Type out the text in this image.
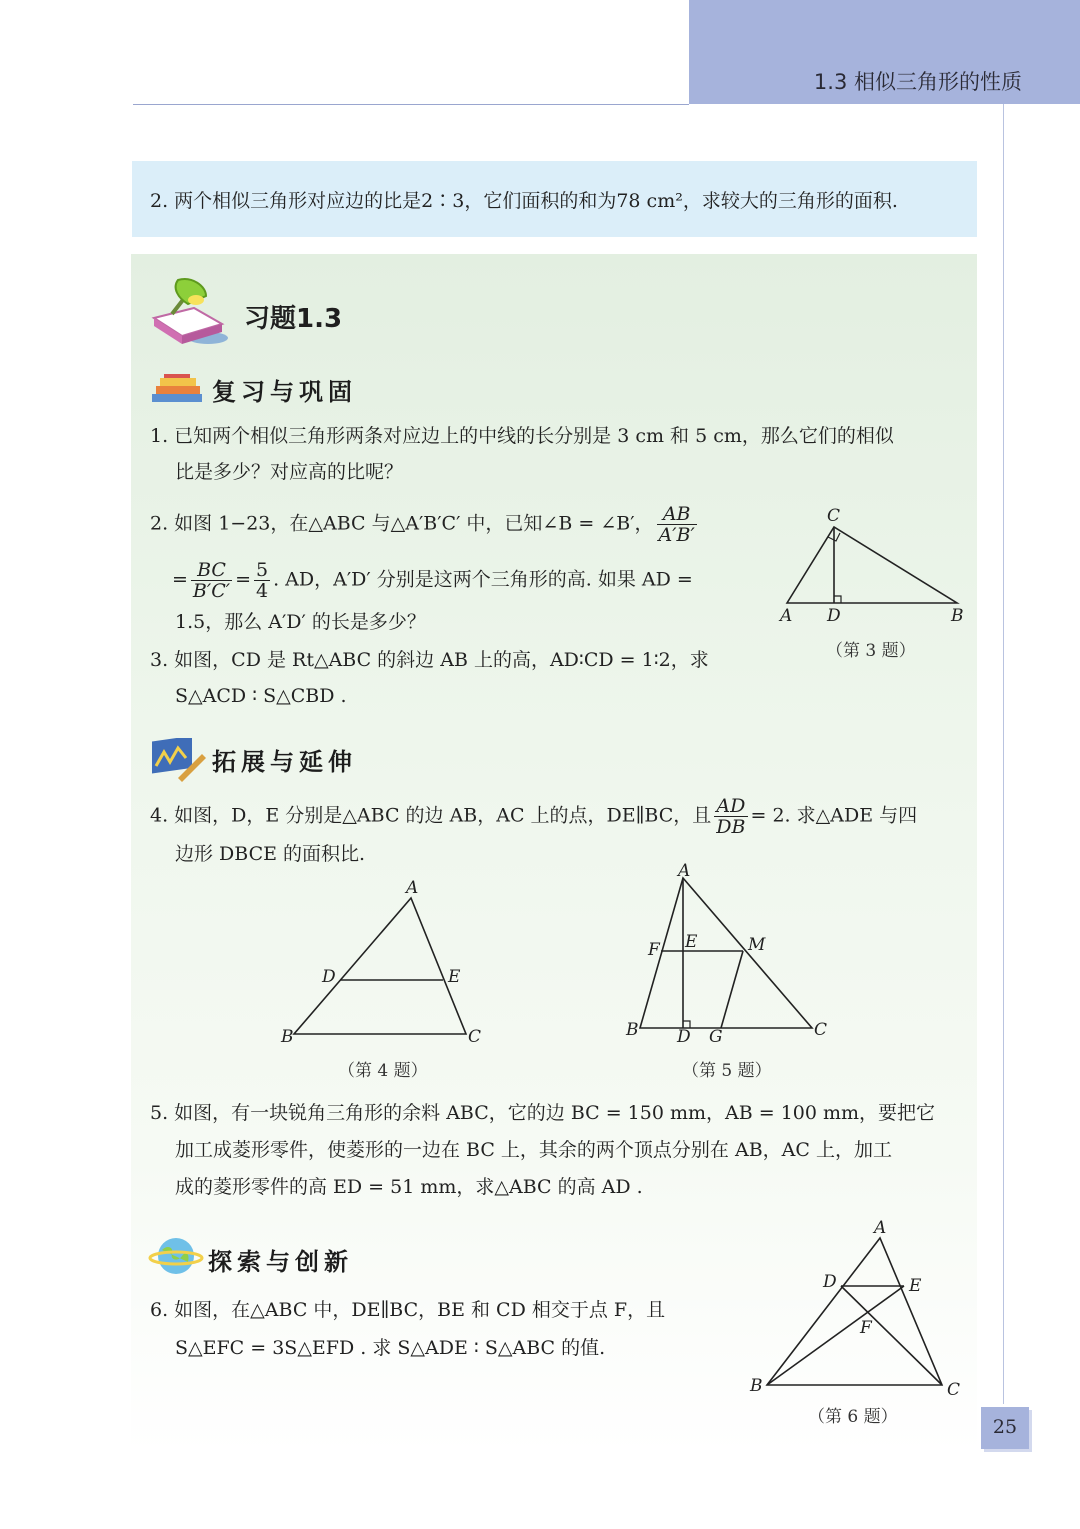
1.3 相似三角形的性质
2. 两个相似三角形对应边的比是2∶3，它们面积的和为78 cm²，求较大的三角形的面积.
习题1.3
复习与巩固
1. 已知两个相似三角形两条对应边上的中线的长分别是 3 cm 和 5 cm，那么它们的相似
比是多少？对应高的比呢？
2. 如图 1−23，在△ABC 与△A′B′C′ 中，已知∠B = ∠B′， $\frac{AB}{A'B'}$
= $\frac{BC}{B'C'} = \frac{5}{4}$ . AD，A′D′ 分别是这两个三角形的高. 如果 AD =
1.5，那么 A′D′ 的长是多少？
3. 如图，CD 是 Rt△ABC 的斜边 AB 上的高，AD∶CD = 1∶2，求
S△ACD ∶ S△CBD .
C
A D	B
（第 3 题）
拓展与延伸
4. 如图，D，E 分别是△ABC 的边 AB，AC 上的点，DE∥BC，且 $\frac{AD}{DB} = 2$. 求△ADE 与四
边形 DBCE 的面积比.
A
D	E
B	C
（第 4 题）
A
F E	M
B D G	C
（第 5 题）
5. 如图，有一块锐角三角形的余料 ABC，它的边 BC = 150 mm，AB = 100 mm，要把它
加工成菱形零件，使菱形的一边在 BC 上，其余的两个顶点分别在 AB，AC 上，加工
成的菱形零件的高 ED = 51 mm，求△ABC 的高 AD .
探索与创新
6. 如图，在△ABC 中，DE∥BC，BE 和 CD 相交于点 F，且
S△EFC = 3S△EFD . 求 S△ADE ∶ S△ABC 的值.
A
D	E
F
B	C
（第 6 题）	25
